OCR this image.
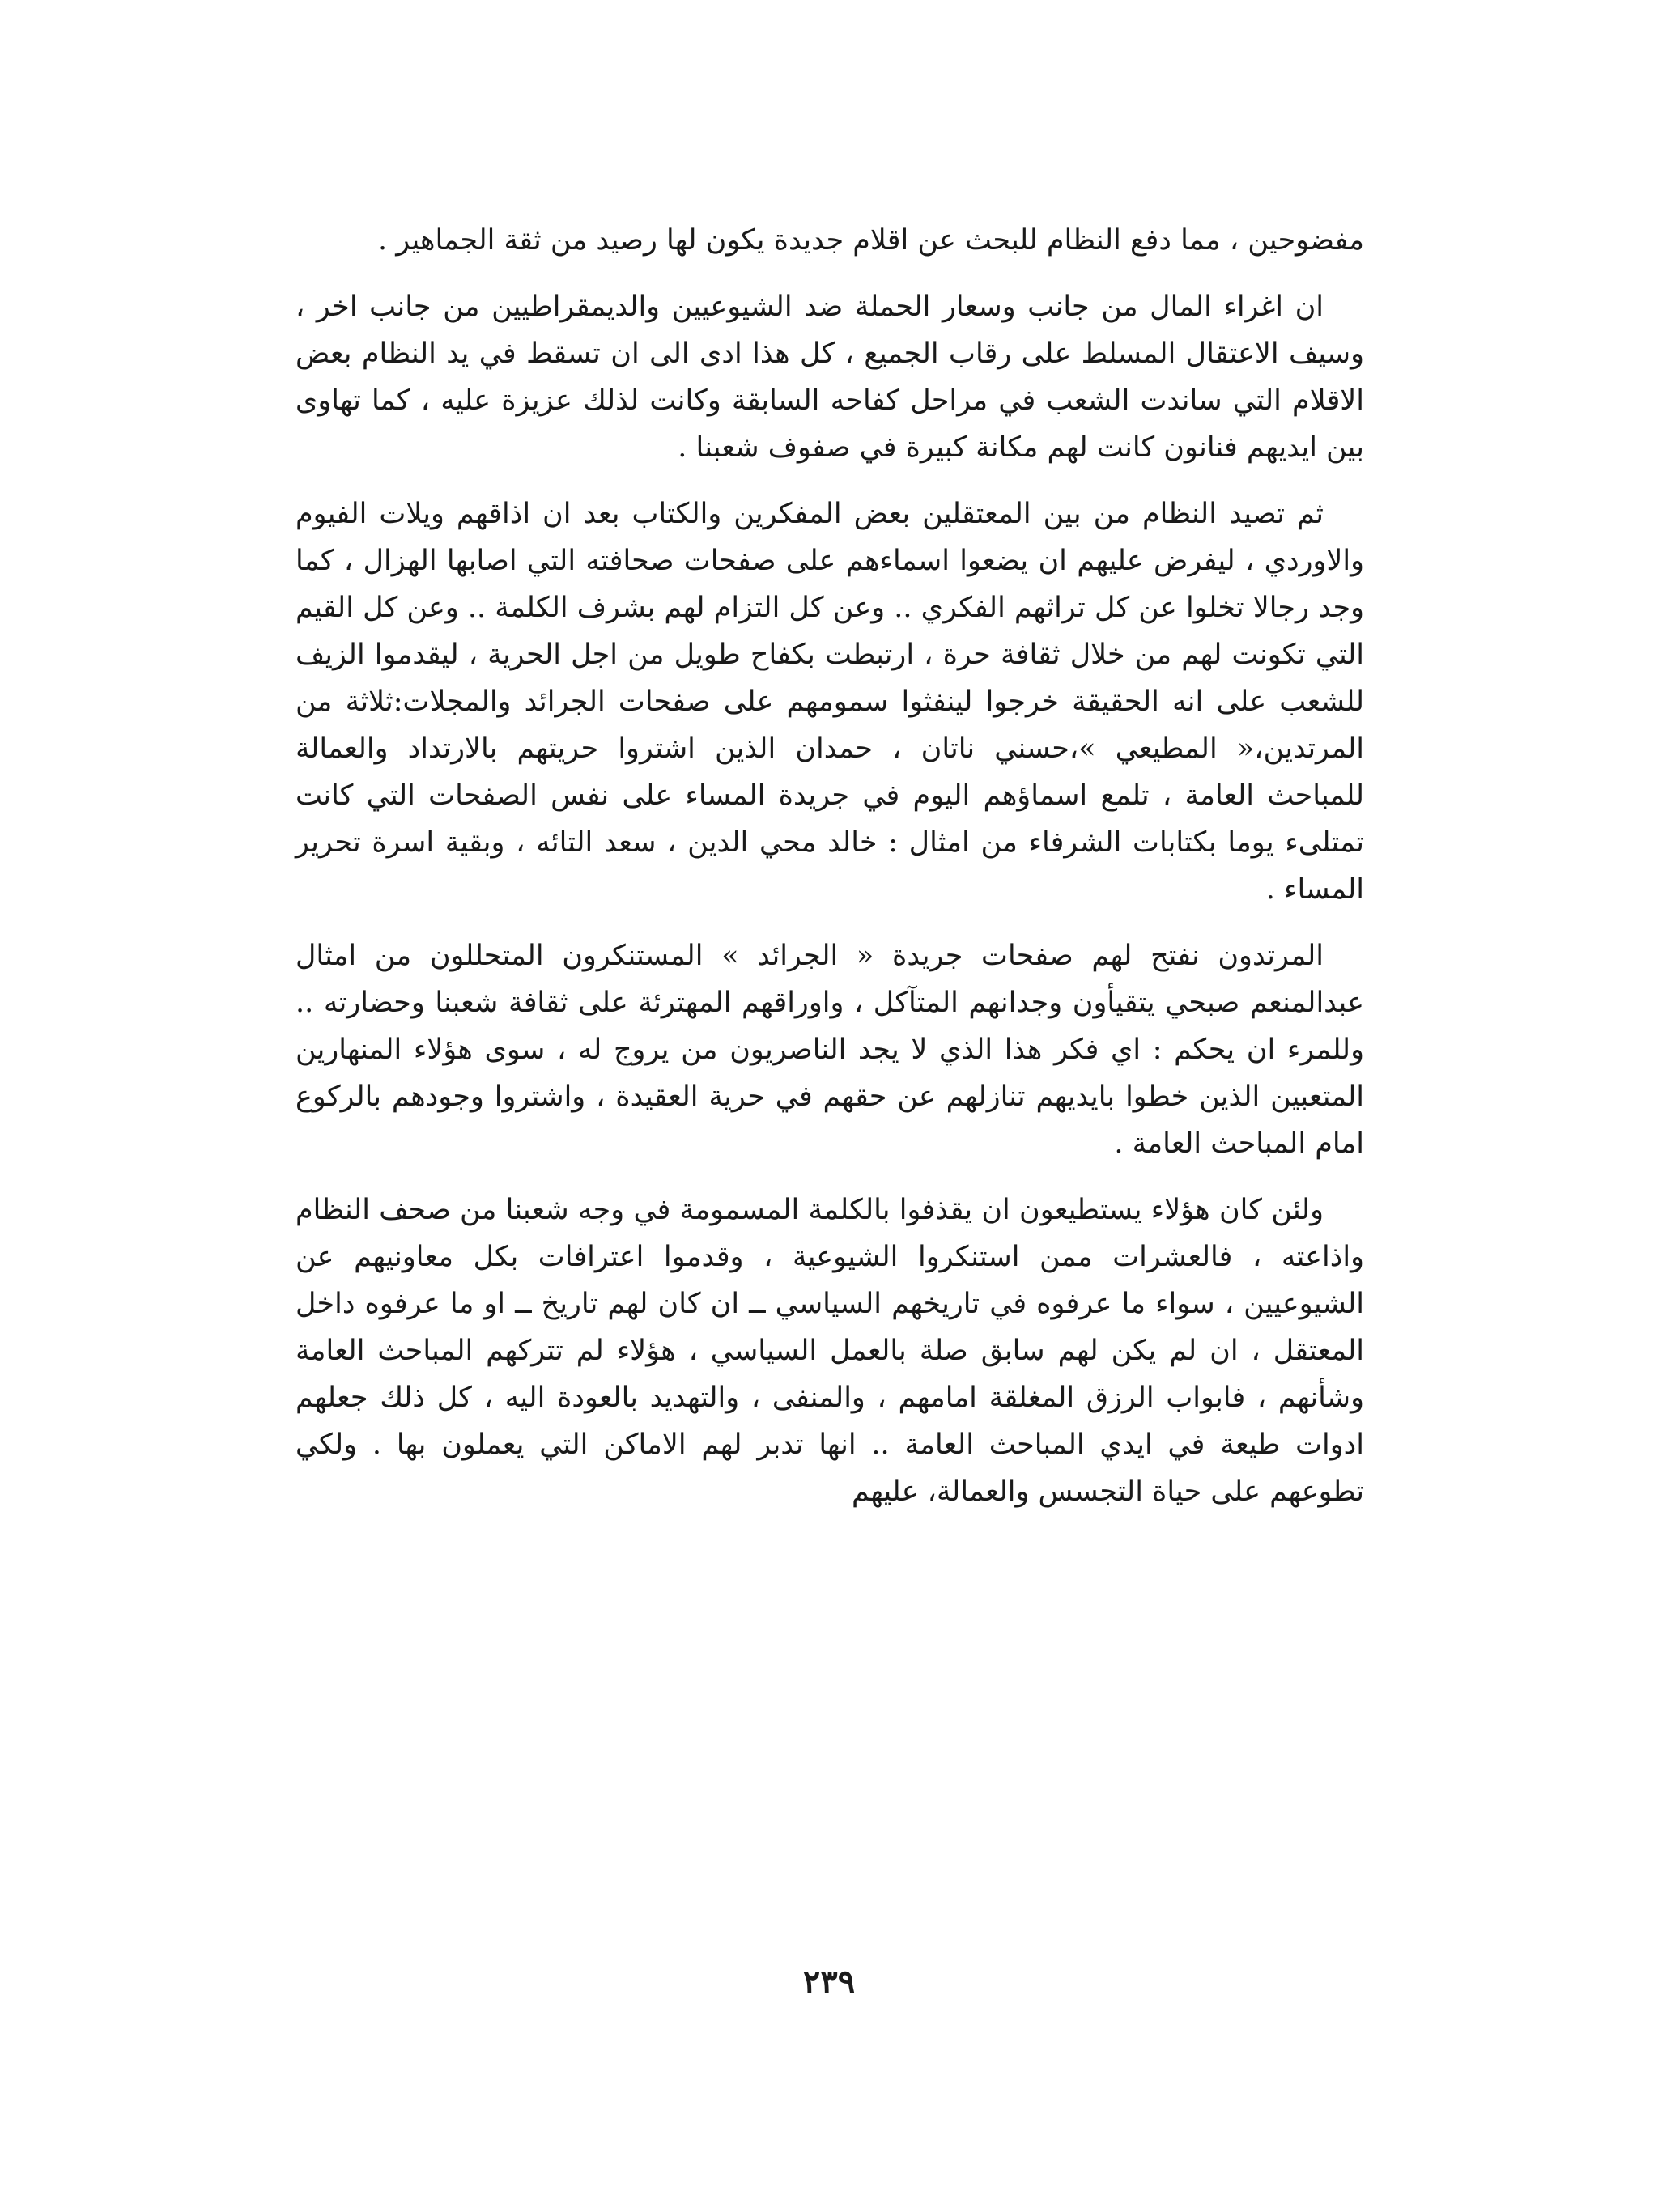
مفضوحين ، مما دفع النظام للبحث عن اقلام جديدة يكون لها رصيد من ثقة الجماهير .

ان اغراء المال من جانب وسعار الحملة ضد الشيوعيين والديمقراطيين من جانب اخر ، وسيف الاعتقال المسلط على رقاب الجميع ، كل هذا ادى الى ان تسقط في يد النظام بعض الاقلام التي ساندت الشعب في مراحل كفاحه السابقة وكانت لذلك عزيزة عليه ، كما تهاوى بين ايديهم فنانون كانت لهم مكانة كبيرة في صفوف شعبنا .

ثم تصيد النظام من بين المعتقلين بعض المفكرين والكتاب بعد ان اذاقهم ويلات الفيوم والاوردي ، ليفرض عليهم ان يضعوا اسماءهم على صفحات صحافته التي اصابها الهزال ، كما وجد رجالا تخلوا عن كل تراثهم الفكري .. وعن كل التزام لهم بشرف الكلمة .. وعن كل القيم التي تكونت لهم من خلال ثقافة حرة ، ارتبطت بكفاح طويل من اجل الحرية ، ليقدموا الزيف للشعب على انه الحقيقة خرجوا لينفثوا سمومهم على صفحات الجرائد والمجلات:ثلاثة من المرتدين،« المطيعي »،حسني ناتان ، حمدان الذين اشتروا حريتهم بالارتداد والعمالة للمباحث العامة ، تلمع اسماؤهم اليوم في جريدة المساء على نفس الصفحات التي كانت تمتلىء يوما بكتابات الشرفاء من امثال : خالد محي الدين ، سعد التائه ، وبقية اسرة تحرير المساء .

المرتدون نفتح لهم صفحات جريدة « الجرائد » المستنكرون المتحللون من امثال عبدالمنعم صبحي يتقيأون وجدانهم المتآكل ، واوراقهم المهترئة على ثقافة شعبنا وحضارته .. وللمرء ان يحكم : اي فكر هذا الذي لا يجد الناصريون من يروج له ، سوى هؤلاء المنهارين المتعبين الذين خطوا بايديهم تنازلهم عن حقهم في حرية العقيدة ، واشتروا وجودهم بالركوع امام المباحث العامة .

ولئن كان هؤلاء يستطيعون ان يقذفوا بالكلمة المسمومة في وجه شعبنا من صحف النظام واذاعته ، فالعشرات ممن استنكروا الشيوعية ، وقدموا اعترافات بكل معاونيهم عن الشيوعيين ، سواء ما عرفوه في تاريخهم السياسي ــ ان كان لهم تاريخ ــ او ما عرفوه داخل المعتقل ، ان لم يكن لهم سابق صلة بالعمل السياسي ، هؤلاء لم تتركهم المباحث العامة وشأنهم ، فابواب الرزق المغلقة امامهم ، والمنفى ، والتهديد بالعودة اليه ، كل ذلك جعلهم ادوات طيعة في ايدي المباحث العامة .. انها تدبر لهم الاماكن التي يعملون بها . ولكي تطوعهم على حياة التجسس والعمالة، عليهم

٢٣٩
